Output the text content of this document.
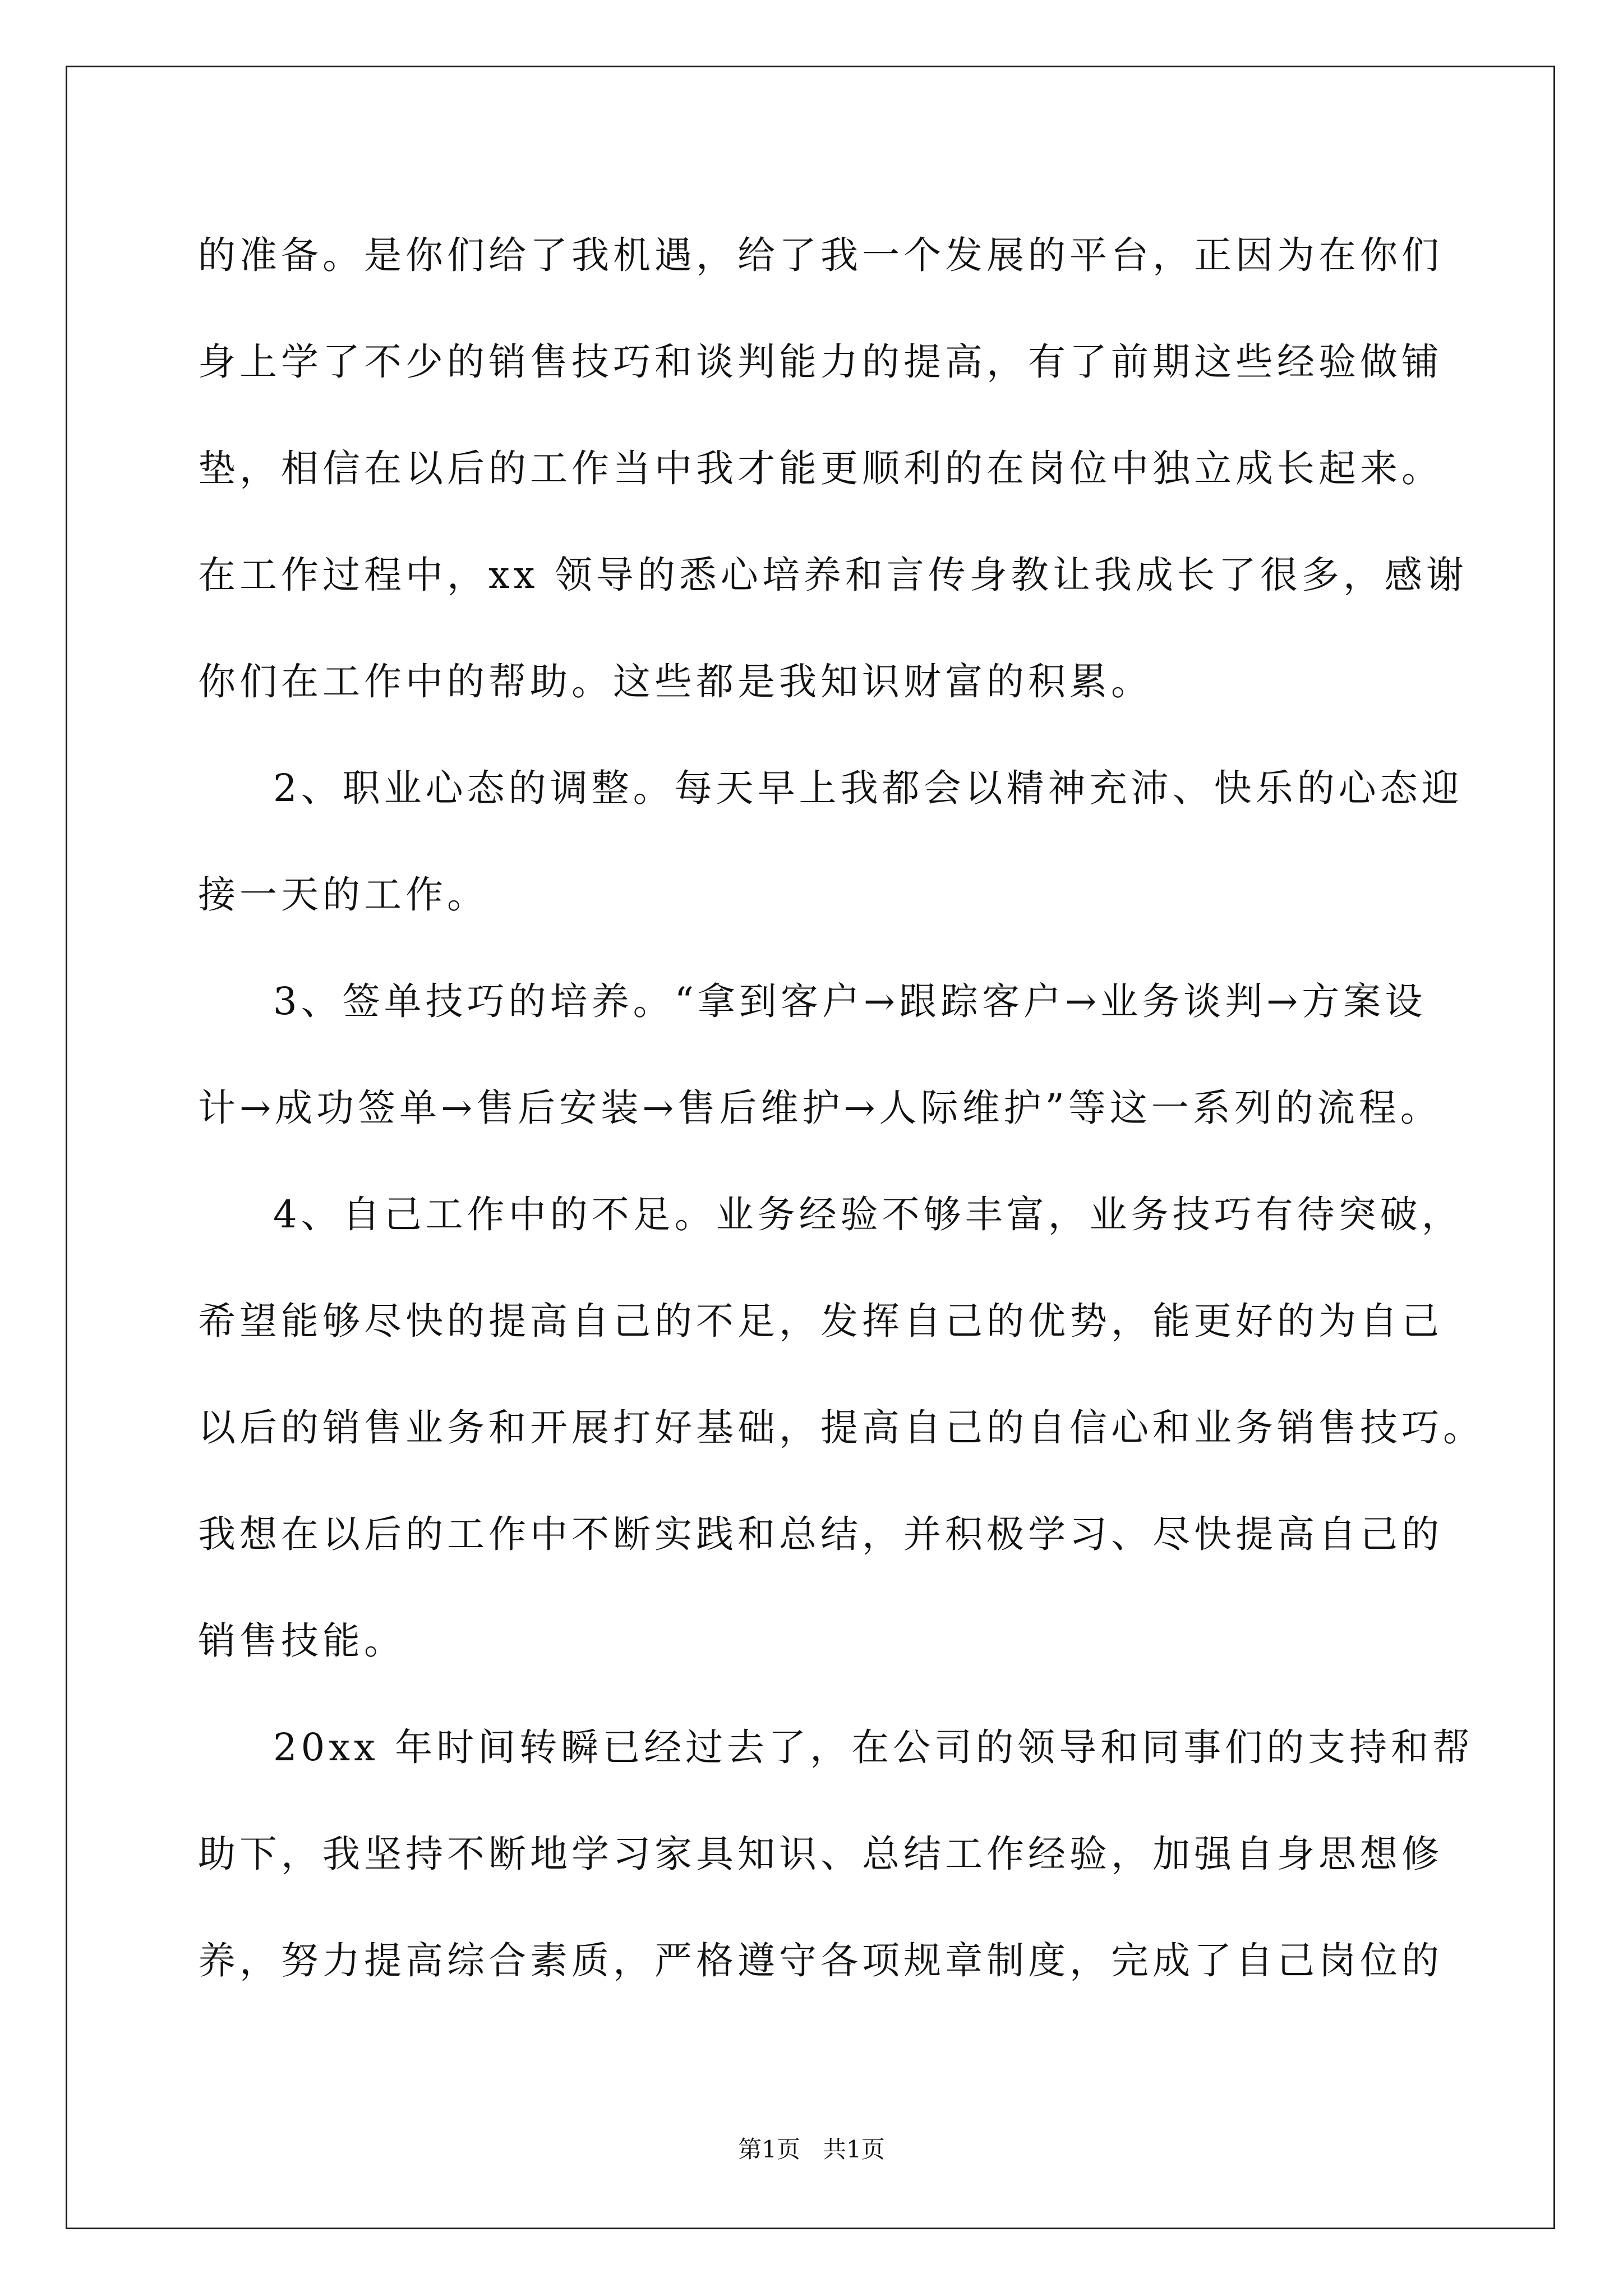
的准备。是你们给了我机遇，给了我一个发展的平台，正因为在你们
身上学了不少的销售技巧和谈判能力的提高，有了前期这些经验做铺
垫，相信在以后的工作当中我才能更顺利的在岗位中独立成长起来。
在工作过程中，xx 领导的悉心培养和言传身教让我成长了很多，感谢
你们在工作中的帮助。这些都是我知识财富的积累。
2、职业心态的调整。每天早上我都会以精神充沛、快乐的心态迎
接一天的工作。
3、签单技巧的培养。“拿到客户→跟踪客户→业务谈判→方案设
计→成功签单→售后安装→售后维护→人际维护”等这一系列的流程。
4、自己工作中的不足。业务经验不够丰富，业务技巧有待突破，
希望能够尽快的提高自己的不足，发挥自己的优势，能更好的为自己
以后的销售业务和开展打好基础，提高自己的自信心和业务销售技巧。
我想在以后的工作中不断实践和总结，并积极学习、尽快提高自己的
销售技能。
20xx 年时间转瞬已经过去了，在公司的领导和同事们的支持和帮
助下，我坚持不断地学习家具知识、总结工作经验，加强自身思想修
养，努力提高综合素质，严格遵守各项规章制度，完成了自己岗位的
第1页   共1页
